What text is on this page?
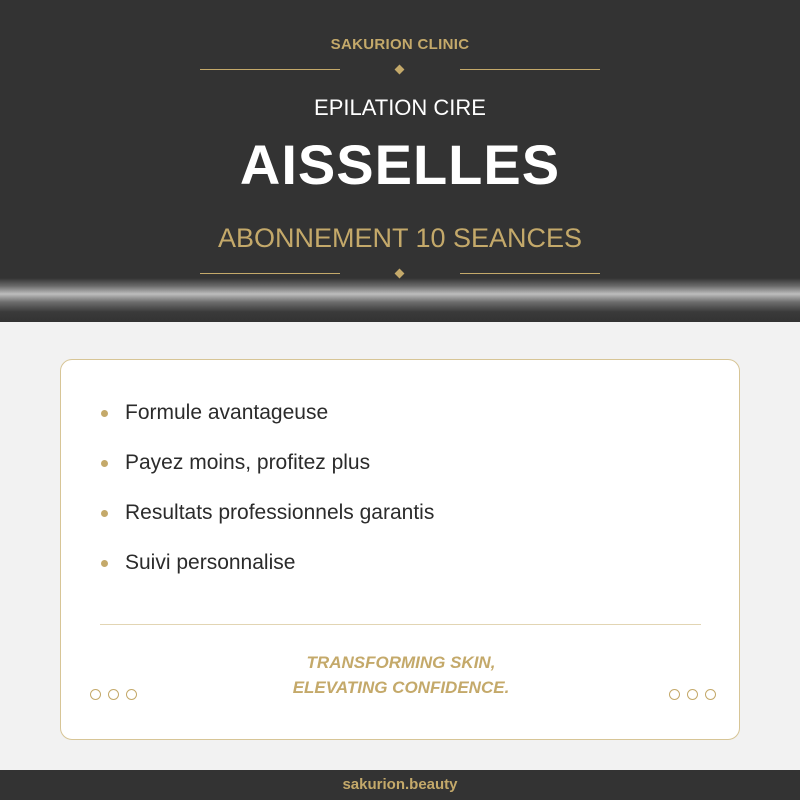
SAKURION CLINIC
EPILATION CIRE
AISSELLES
ABONNEMENT 10 SEANCES
Formule avantageuse
Payez moins, profitez plus
Resultats professionnels garantis
Suivi personnalise
TRANSFORMING SKIN,
ELEVATING CONFIDENCE.
sakurion.beauty
